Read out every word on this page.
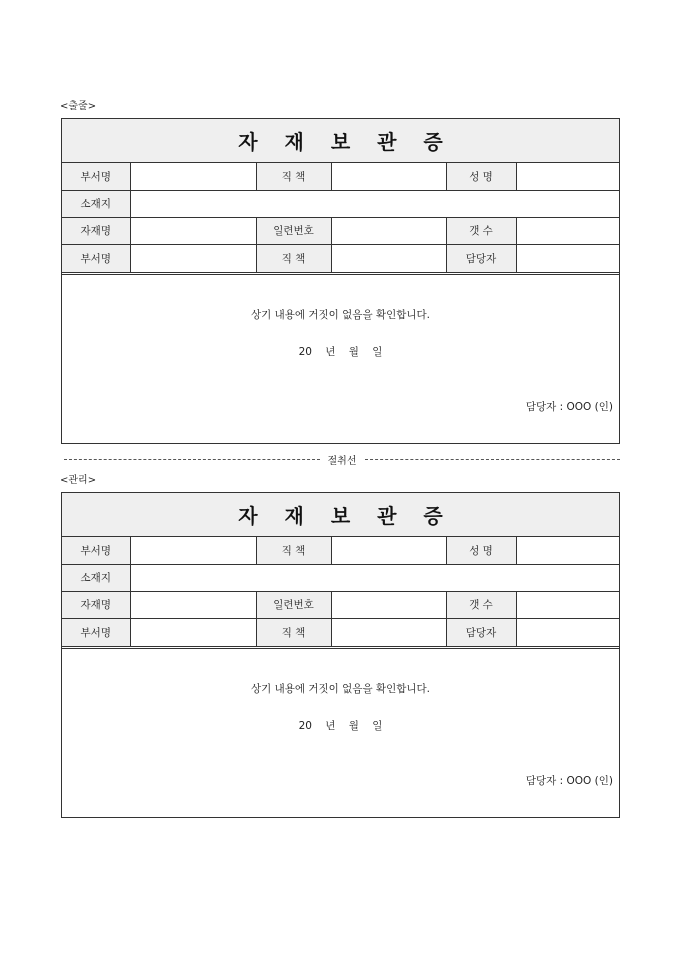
<출줄>
자 재 보 관 증
부서명		직 책		성 명	
소재지					
자재명		일련번호		갯 수	
부서명		직 책		담당자	
상기 내용에 거짓이 없음을 확인합니다.
20 년 월 일
담당자 : OOO (인)
절취선
<관리>
자 재 보 관 증
부서명		직 책		성 명	
소재지					
자재명		일련번호		갯 수	
부서명		직 책		담당자	
상기 내용에 거짓이 없음을 확인합니다.
20 년 월 일
담당자 : OOO (인)
